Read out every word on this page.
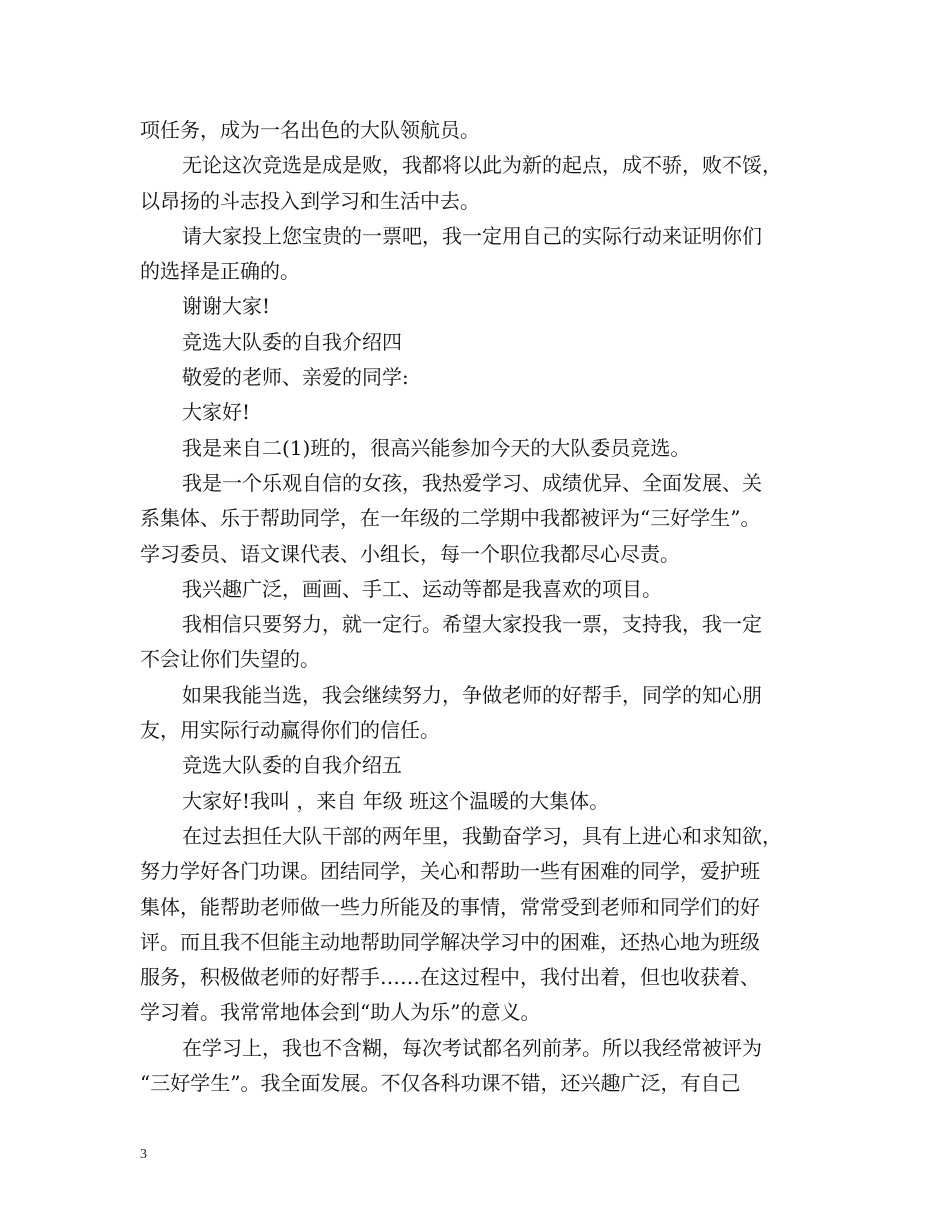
项任务，成为一名出色的大队领航员。
无论这次竞选是成是败，我都将以此为新的起点，成不骄，败不馁，
以昂扬的斗志投入到学习和生活中去。
请大家投上您宝贵的一票吧，我一定用自己的实际行动来证明你们
的选择是正确的。
谢谢大家!
竞选大队委的自我介绍四
敬爱的老师、亲爱的同学:
大家好!
我是来自二(1)班的，很高兴能参加今天的大队委员竞选。
我是一个乐观自信的女孩，我热爱学习、成绩优异、全面发展、关
系集体、乐于帮助同学，在一年级的二学期中我都被评为“三好学生”。
学习委员、语文课代表、小组长，每一个职位我都尽心尽责。
我兴趣广泛，画画、手工、运动等都是我喜欢的项目。
我相信只要努力，就一定行。希望大家投我一票，支持我，我一定
不会让你们失望的。
如果我能当选，我会继续努力，争做老师的好帮手，同学的知心朋
友，用实际行动赢得你们的信任。
竞选大队委的自我介绍五
大家好!我叫 ，来自 年级 班这个温暖的大集体。
在过去担任大队干部的两年里，我勤奋学习，具有上进心和求知欲，
努力学好各门功课。团结同学，关心和帮助一些有困难的同学，爱护班
集体，能帮助老师做一些力所能及的事情，常常受到老师和同学们的好
评。而且我不但能主动地帮助同学解决学习中的困难，还热心地为班级
服务，积极做老师的好帮手……在这过程中，我付出着，但也收获着、
学习着。我常常地体会到“助人为乐”的意义。
在学习上，我也不含糊，每次考试都名列前茅。所以我经常被评为
“三好学生”。我全面发展。不仅各科功课不错，还兴趣广泛，有自己
3
